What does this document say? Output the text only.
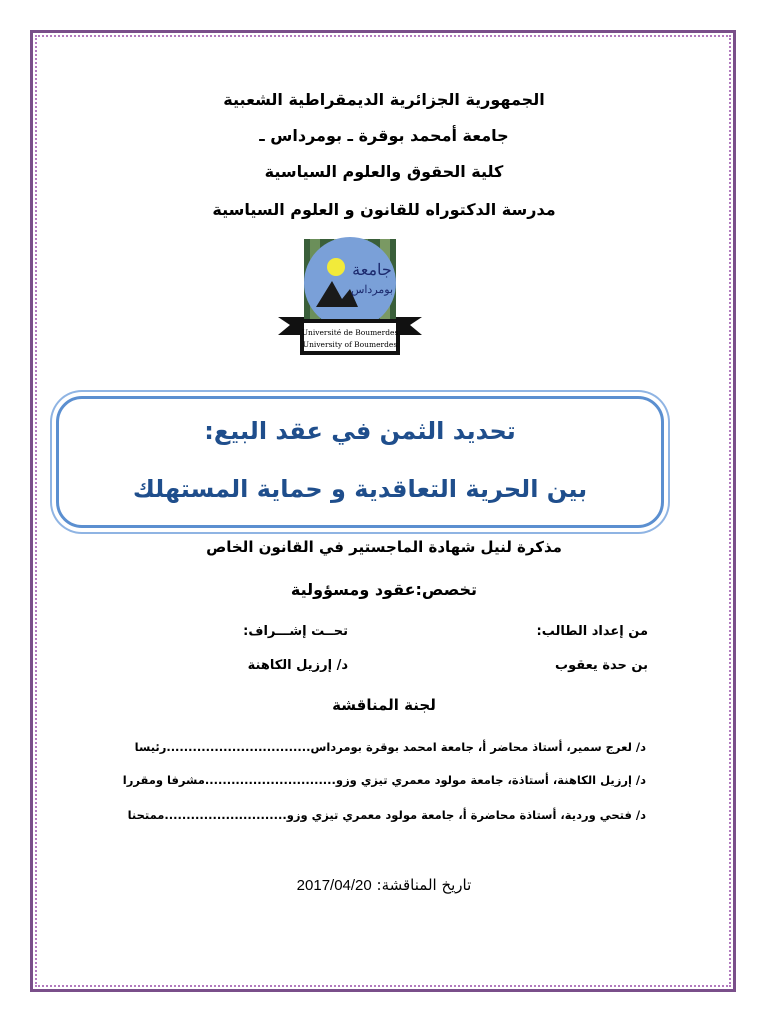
الجمهورية الجزائرية الديمقراطية الشعبية
جامعة أمحمد بوقرة ـ بومرداس ـ
كلية الحقوق والعلوم السياسية
مدرسة الدكتوراه للقانون و العلوم السياسية
جامعة
بومرداس
Université de Boumerdes
University of Boumerdes
تحديد الثمن في عقد البيع:
بين الحرية التعاقدية و حماية المستهلك
مذكرة لنيل شهادة الماجستير في القانون الخاص
تخصص:عقود ومسؤولية
من إعداد الطالب:
تحــت إشـــراف:
بن حدة يعقوب
د/ إرزيل الكاهنة
لجنة المناقشة
د/ لعرج سمير، أستاذ محاضر أ، جامعة امحمد بوقرة بومرداس.................................رئيسا
د/ إرزيل الكاهنة، أستاذة، جامعة مولود معمري تيزي وزو..............................مشرفا ومقررا
د/ فتحي وردية، أستاذة محاضرة أ، جامعة مولود معمري تيزي وزو............................ممتحنا
تاريخ المناقشة: 2017/04/20
